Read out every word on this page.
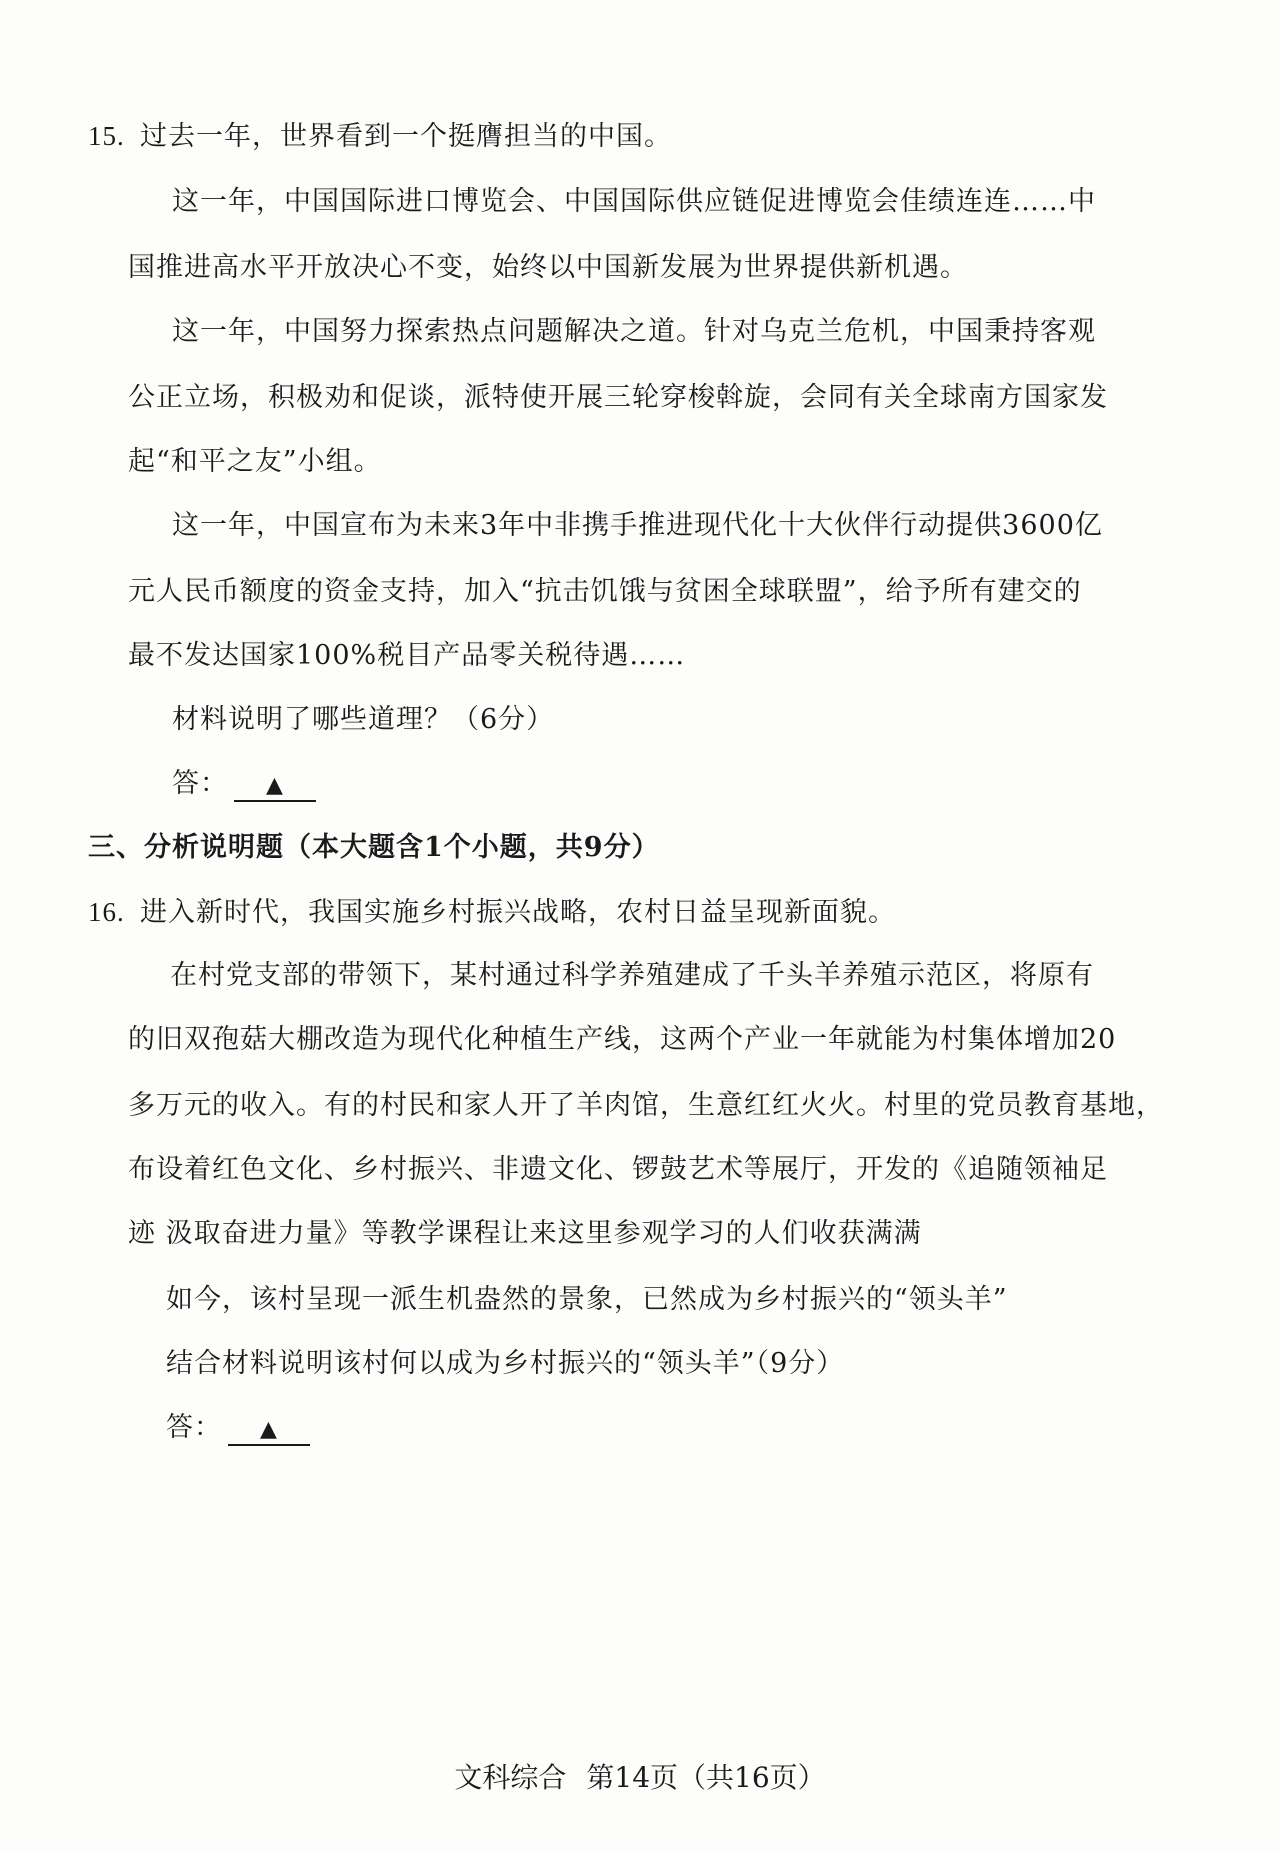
15. 过去一年，世界看到一个挺膺担当的中国。
这一年，中国国际进口博览会、中国国际供应链促进博览会佳绩连连……中
国推进高水平开放决心不变，始终以中国新发展为世界提供新机遇。
这一年，中国努力探索热点问题解决之道。针对乌克兰危机，中国秉持客观
公正立场，积极劝和促谈，派特使开展三轮穿梭斡旋，会同有关全球南方国家发
起“和平之友”小组。
这一年，中国宣布为未来3年中非携手推进现代化十大伙伴行动提供3600亿
元人民币额度的资金支持，加入“抗击饥饿与贫困全球联盟”，给予所有建交的
最不发达国家100%税目产品零关税待遇……
材料说明了哪些道理？（6分）
答： ▲
三、分析说明题（本大题含1个小题，共9分）
16. 进入新时代，我国实施乡村振兴战略，农村日益呈现新面貌。
在村党支部的带领下，某村通过科学养殖建成了千头羊养殖示范区，将原有
的旧双孢菇大棚改造为现代化种植生产线，这两个产业一年就能为村集体增加20
多万元的收入。有的村民和家人开了羊肉馆，生意红红火火。村里的党员教育基地，
布设着红色文化、乡村振兴、非遗文化、锣鼓艺术等展厅，开发的《追随领袖足
迹 汲取奋进力量》等教学课程让来这里参观学习的人们收获满满
如今，该村呈现一派生机盎然的景象，已然成为乡村振兴的“领头羊”
结合材料说明该村何以成为乡村振兴的“领头羊”（9分）
答： ▲
文科综合 第14页（共16页）
